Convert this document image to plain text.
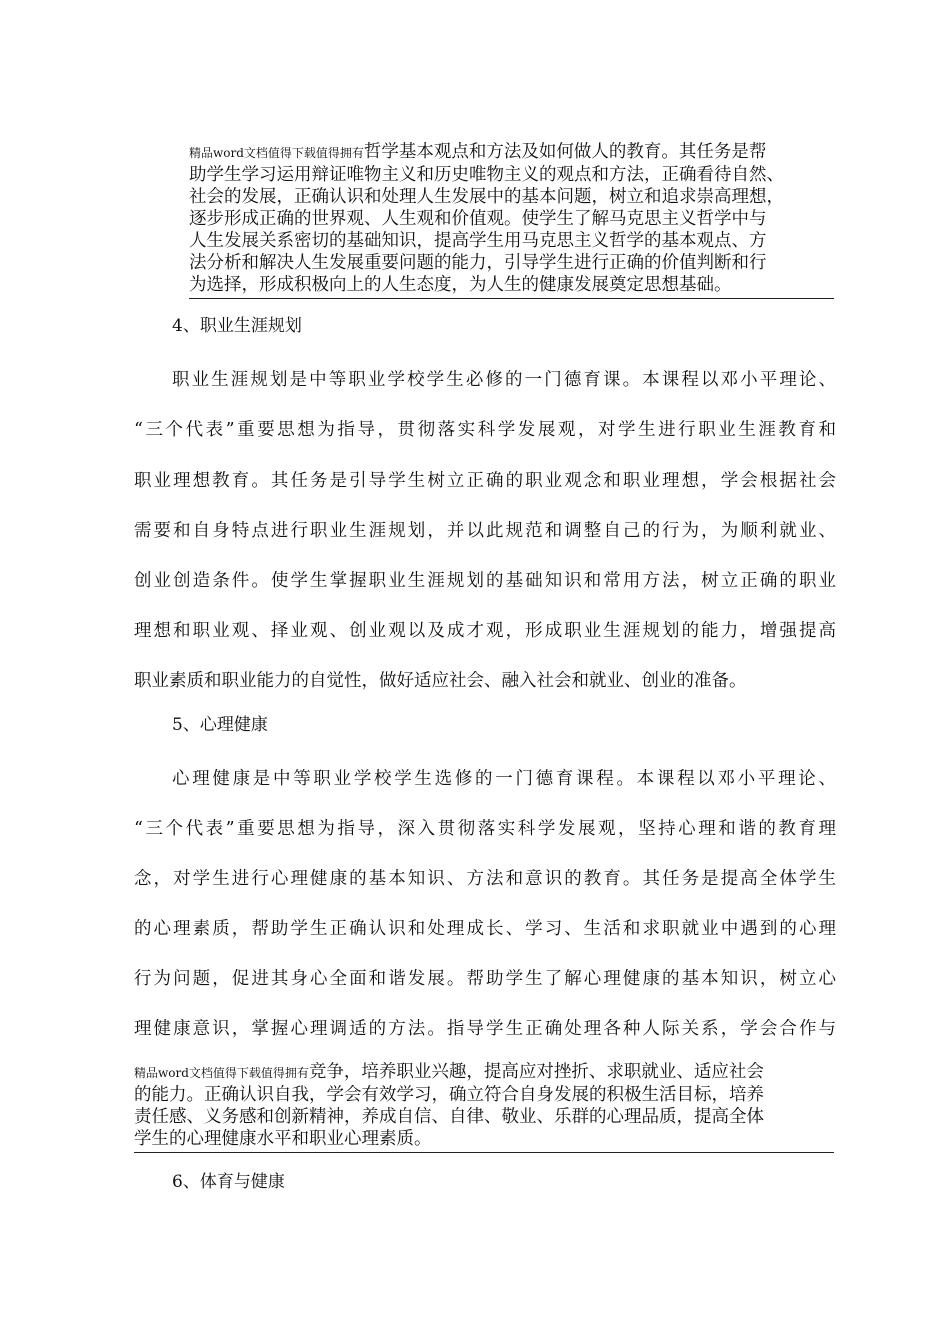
精品word文档值得下载值得拥有哲学基本观点和方法及如何做人的教育。其任务是帮
助学生学习运用辩证唯物主义和历史唯物主义的观点和方法，正确看待自然、
社会的发展，正确认识和处理人生发展中的基本问题，树立和追求崇高理想，
逐步形成正确的世界观、人生观和价值观。使学生了解马克思主义哲学中与
人生发展关系密切的基础知识，提高学生用马克思主义哲学的基本观点、方
法分析和解决人生发展重要问题的能力，引导学生进行正确的价值判断和行
为选择，形成积极向上的人生态度，为人生的健康发展奠定思想基础。
4、职业生涯规划
职业生涯规划是中等职业学校学生必修的一门德育课。本课程以邓小平理论、
“三个代表”重要思想为指导，贯彻落实科学发展观，对学生进行职业生涯教育和
职业理想教育。其任务是引导学生树立正确的职业观念和职业理想，学会根据社会
需要和自身特点进行职业生涯规划，并以此规范和调整自己的行为，为顺利就业、
创业创造条件。使学生掌握职业生涯规划的基础知识和常用方法，树立正确的职业
理想和职业观、择业观、创业观以及成才观，形成职业生涯规划的能力，增强提高
职业素质和职业能力的自觉性，做好适应社会、融入社会和就业、创业的准备。
5、心理健康
心理健康是中等职业学校学生选修的一门德育课程。本课程以邓小平理论、
“三个代表”重要思想为指导，深入贯彻落实科学发展观，坚持心理和谐的教育理
念，对学生进行心理健康的基本知识、方法和意识的教育。其任务是提高全体学生
的心理素质，帮助学生正确认识和处理成长、学习、生活和求职就业中遇到的心理
行为问题，促进其身心全面和谐发展。帮助学生了解心理健康的基本知识，树立心
理健康意识，掌握心理调适的方法。指导学生正确处理各种人际关系，学会合作与
精品word文档值得下载值得拥有竞争，培养职业兴趣，提高应对挫折、求职就业、适应社会
的能力。正确认识自我，学会有效学习，确立符合自身发展的积极生活目标，培养
责任感、义务感和创新精神，养成自信、自律、敬业、乐群的心理品质，提高全体
学生的心理健康水平和职业心理素质。
6、体育与健康
